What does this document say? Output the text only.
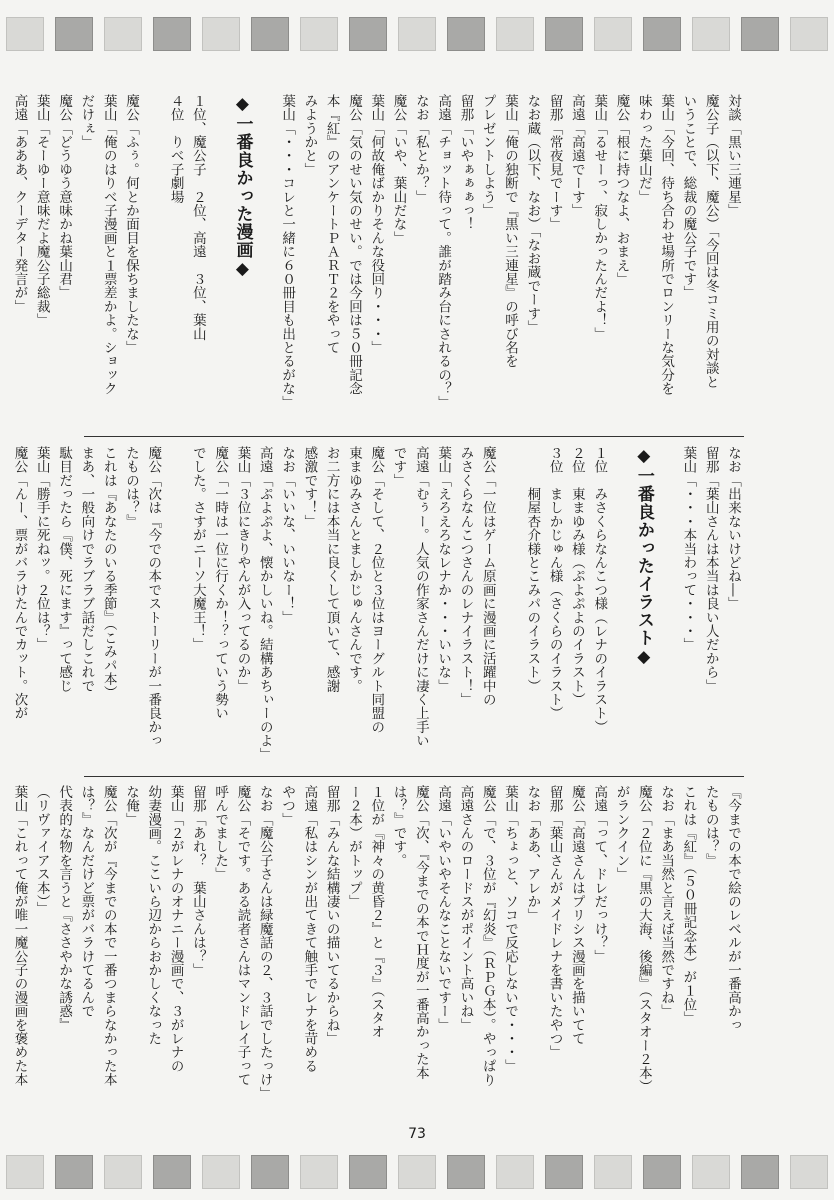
対談「黒い三連星」
魔公子（以下、魔公）「今回は冬コミ用の対談と
いうことで、総裁の魔公子です」
葉山「今回、待ち合わせ場所でロンリーな気分を
味わった葉山だ」
魔公「根に持つなよ、おまえ」
葉山「るせーっ、寂しかったんだよ！」
高遠「高遠でーす」
留那「常夜見でーす」
なお蔵（以下、なお）「なお蔵でーす」
葉山「俺の独断で『黒い三連星』の呼び名を
プレゼントしよう」
留那「いやぁぁぁっ！
高遠「チョット待って。誰が踏み台にされるの？」
なお「私とか？」
魔公「いや、葉山だな」
葉山「何故俺ばかりそんな役回り・・・」
魔公「気のせい気のせい。では今回は５０冊記念
本『紅』のアンケートＰＡＲＴ２をやって
みようかと」
葉山「・・・コレと一緒に６０冊目も出とるがな」

◆一番良かった漫画◆

１位、魔公子　２位、高遠　３位、葉山
４位　りべ子劇場

魔公「ふぅ。何とか面目を保ちましたな」
葉山「俺のはりべ子漫画と１票差かよ。ショック
だけぇ」
魔公「どうゆう意味かね葉山君」
葉山「そーゆー意味だよ魔公子総裁」
高遠「あああ、クーデター発言が」
なお「出来ないけどね―」
留那「葉山さんは本当は良い人だから」
葉山「・・・本当わって・・・」

◆一番良かったイラスト◆

１位　みさくらなんこつ様（レナのイラスト）
２位　東まゆみ様（ぷよぷよのイラスト）
３位　ましかじゅん様（さくらのイラスト）
　　　桐屋杏介様とこみパのイラスト）

魔公「一位はゲーム原画に漫画に活躍中の
みさくらなんこつさんのレナイラスト！」
葉山「えろえろなレナか・・・いいな」
高遠「むぅー。人気の作家さんだけに凄く上手い
です」
魔公「そして、２位と３位はヨーグルト同盟の
東まゆみさんとましかじゅんさんです。
お二方には本当に良くして頂いて、感謝
感激です！」
なお「いいな、いいなー！」
高遠「ぷよぷよ、懐かしいね。結構あちぃーのよ」
葉山「３位にきりやんが入ってるのか」
魔公「一時は一位に行くか！？っていう勢い
でした。さすがニーソ大魔王！」

魔公「次は『今での本でストーリーが一番良かっ
たものは？』
これは『あなたのいる季節』（こみパ本）
まあ、一般向けでラブラブ話だしこれで
駄目だったら『僕、死にます』って感じ
葉山「勝手に死ねッ。２位は？」
魔公「んー、票がバラけたんでカット。次が
『今までの本で絵のレベルが一番高かっ
たものは？』
これは『紅』（５０冊記念本）が１位」
なお「まあ当然と言えば当然ですね」
魔公「２位に『黒の大海、後編』（スタオー２本）
がランクイン」
高遠「って、ドレだっけ？」
魔公「高遠さんはプリシス漫画を描いてて
留那「葉山さんがメイドレナを書いたやつ」
なお「ああ、アレか」
葉山「ちょっと、ソコで反応しないで・・・」
魔公「で、３位が『幻炎』（ＲＰＧ本）。やっぱり
高遠さんのロードスがポイント高いね」
高遠「いやいやそんなことないですー」
魔公「次、『今までの本でＨ度が一番高かった本
は？』です。
１位が『神々の黄昏２』と『３』（スタオ
ー２本）がトップ」
留那「みんな結構凄いの描いてるからね」
高遠「私はシンが出てきて触手でレナを苛める
やつ」
なお「魔公子さんは緑魔話の２、３話でしたっけ」
魔公「そです。ある読者さんはマンドレイ子って
呼んでました」
留那「あれ？　葉山さんは？」
葉山「２がレナのオナニー漫画で、３がレナの
幼妻漫画。ここいら辺からおかしくなった
な俺」
魔公「次が『今までの本で一番つまらなかった本
は？』なんだけど票がバラけてるんで
代表的な物を言うと『ささやかな誘惑』
（リヴァイアス本）」
葉山「これって俺が唯一魔公子の漫画を褒めた本
73
